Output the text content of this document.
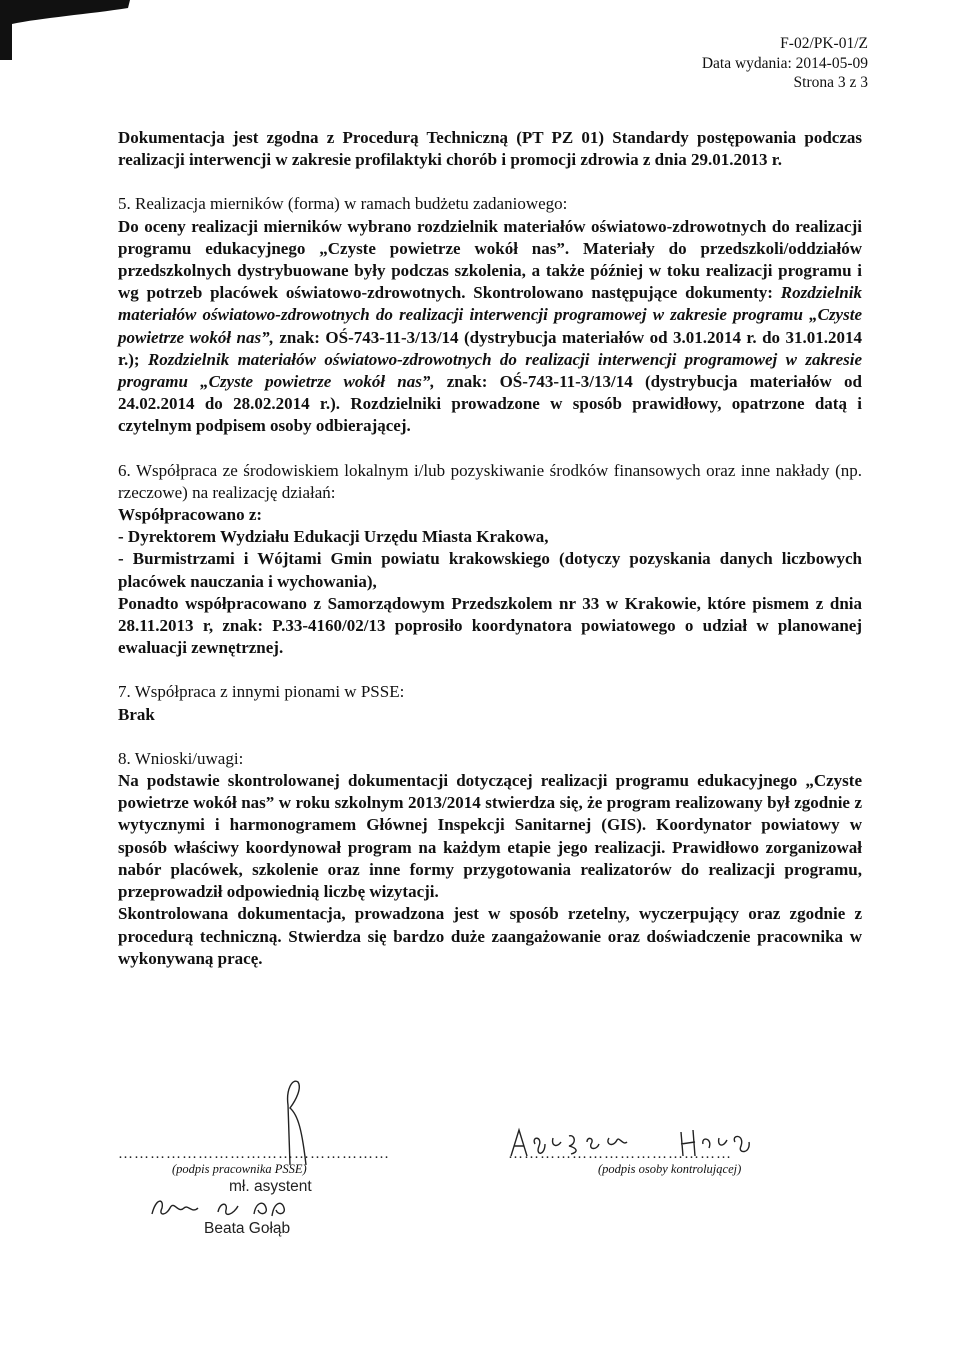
F-02/PK-01/Z
Data wydania: 2014-05-09
Strona 3 z 3

Dokumentacja jest zgodna z Procedurą Techniczną (PT PZ 01) Standardy postępowania podczas realizacji interwencji w zakresie profilaktyki chorób i promocji zdrowia z dnia 29.01.2013 r.

5. Realizacja mierników (forma) w ramach budżetu zadaniowego:

Do oceny realizacji mierników wybrano rozdzielnik materiałów oświatowo-zdrowotnych do realizacji programu edukacyjnego „Czyste powietrze wokół nas”. Materiały do przedszkoli/oddziałów przedszkolnych dystrybuowane były podczas szkolenia, a także później w toku realizacji programu i wg potrzeb placówek oświatowo-zdrowotnych. Skontrolowano następujące dokumenty: Rozdzielnik materiałów oświatowo-zdrowotnych do realizacji interwencji programowej w zakresie programu „Czyste powietrze wokół nas”, znak: OŚ-743-11-3/13/14 (dystrybucja materiałów od 3.01.2014 r. do 31.01.2014 r.); Rozdzielnik materiałów oświatowo-zdrowotnych do realizacji interwencji programowej w zakresie programu „Czyste powietrze wokół nas”, znak: OŚ-743-11-3/13/14 (dystrybucja materiałów od 24.02.2014 do 28.02.2014 r.). Rozdzielniki prowadzone w sposób prawidłowy, opatrzone datą i czytelnym podpisem osoby odbierającej.

6. Współpraca ze środowiskiem lokalnym i/lub pozyskiwanie środków finansowych oraz inne nakłady (np. rzeczowe) na realizację działań:

Współpracowano z:

- Dyrektorem Wydziału Edukacji Urzędu Miasta Krakowa,

- Burmistrzami i Wójtami Gmin powiatu krakowskiego (dotyczy pozyskania danych liczbowych placówek nauczania i wychowania),

Ponadto współpracowano z Samorządowym Przedszkolem nr 33 w Krakowie, które pismem z dnia 28.11.2013 r, znak: P.33-4160/02/13 poprosiło koordynatora powiatowego o udział w planowanej ewaluacji zewnętrznej.

7. Współpraca z innymi pionami w PSSE:

Brak

8. Wnioski/uwagi:

Na podstawie skontrolowanej dokumentacji dotyczącej realizacji programu edukacyjnego „Czyste powietrze wokół nas” w roku szkolnym 2013/2014 stwierdza się, że program realizowany był zgodnie z wytycznymi i harmonogramem Głównej Inspekcji Sanitarnej (GIS). Koordynator powiatowy w sposób właściwy koordynował program na każdym etapie jego realizacji. Prawidłowo zorganizował nabór placówek, szkolenie oraz inne formy przygotowania realizatorów do realizacji programu, przeprowadził odpowiednią liczbę wizytacji.

Skontrolowana dokumentacja, prowadzona jest w sposób rzetelny, wyczerpujący oraz zgodnie z procedurą techniczną. Stwierdza się bardzo duże zaangażowanie oraz doświadczenie pracownika w wykonywaną pracę.

……………………………………………
(podpis pracownika PSSE)
mł. asystent
Beata Gołąb
……………………………………
(podpis osoby kontrolującej)
